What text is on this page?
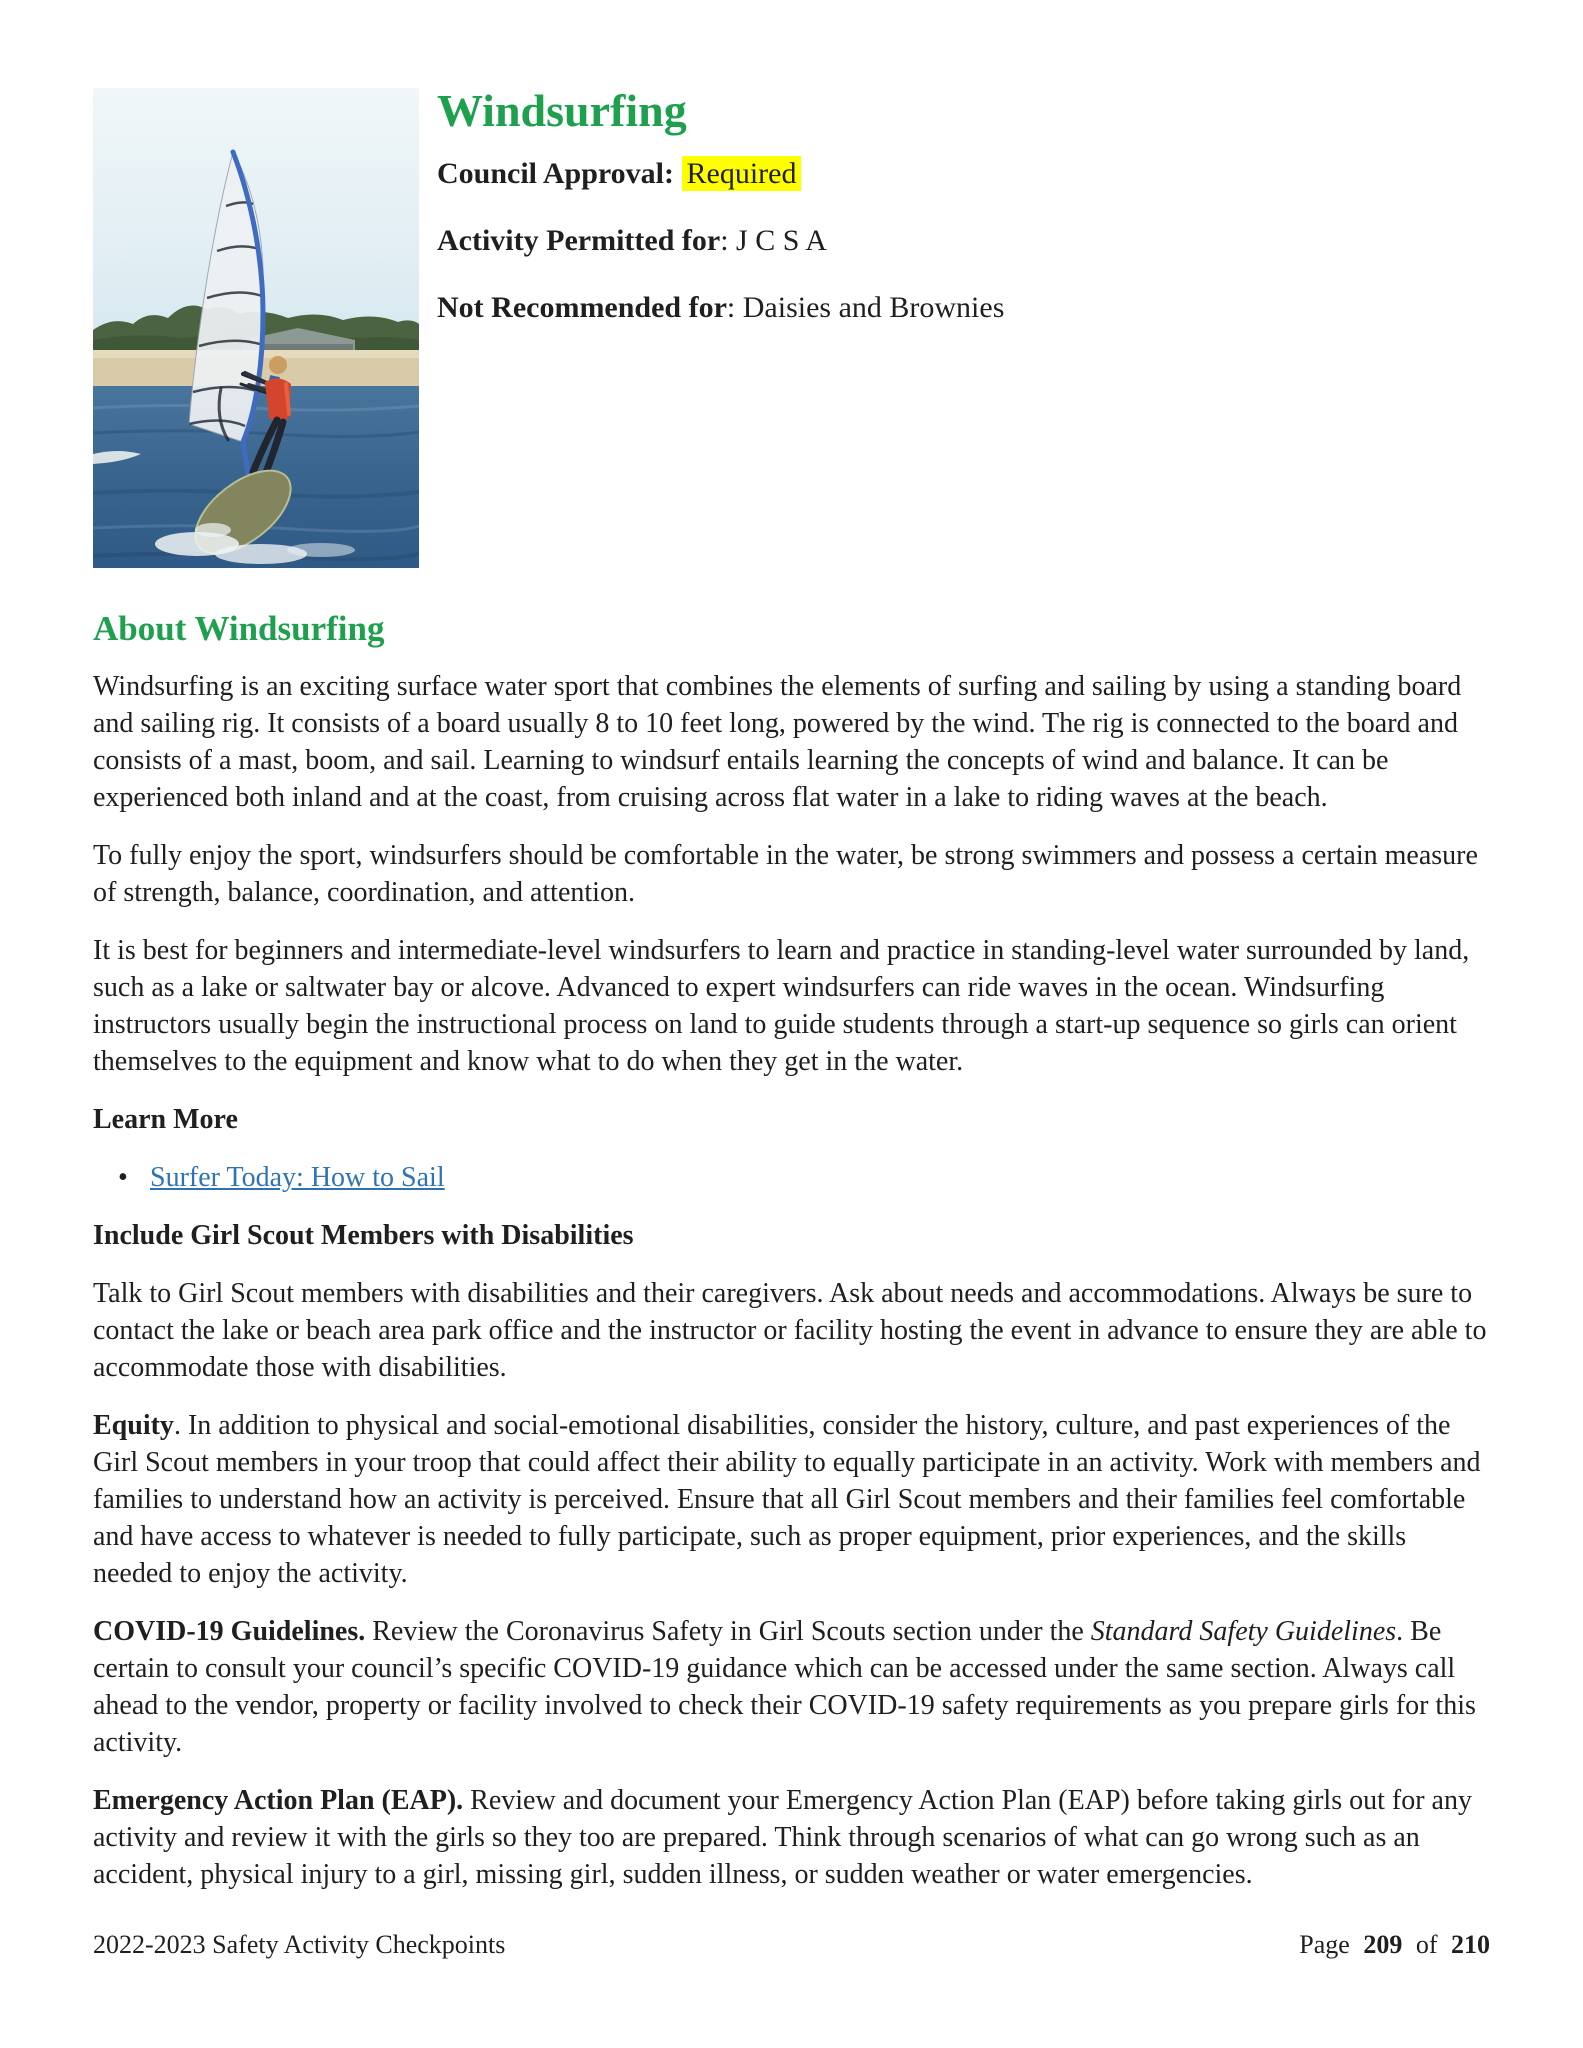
Windsurfing
Council Approval: Required
Activity Permitted for: J C S A
Not Recommended for: Daisies and Brownies
About Windsurfing

Windsurfing is an exciting surface water sport that combines the elements of surfing and sailing by using a standing board and sailing rig. It consists of a board usually 8 to 10 feet long, powered by the wind. The rig is connected to the board and consists of a mast, boom, and sail. Learning to windsurf entails learning the concepts of wind and balance. It can be experienced both inland and at the coast, from cruising across flat water in a lake to riding waves at the beach.

To fully enjoy the sport, windsurfers should be comfortable in the water, be strong swimmers and possess a certain measure of strength, balance, coordination, and attention.

It is best for beginners and intermediate-level windsurfers to learn and practice in standing-level water surrounded by land, such as a lake or saltwater bay or alcove. Advanced to expert windsurfers can ride waves in the ocean. Windsurfing instructors usually begin the instructional process on land to guide students through a start-up sequence so girls can orient themselves to the equipment and know what to do when they get in the water.

Learn More
• Surfer Today: How to Sail
Include Girl Scout Members with Disabilities

Talk to Girl Scout members with disabilities and their caregivers. Ask about needs and accommodations. Always be sure to contact the lake or beach area park office and the instructor or facility hosting the event in advance to ensure they are able to accommodate those with disabilities.

Equity. In addition to physical and social-emotional disabilities, consider the history, culture, and past experiences of the Girl Scout members in your troop that could affect their ability to equally participate in an activity. Work with members and families to understand how an activity is perceived. Ensure that all Girl Scout members and their families feel comfortable and have access to whatever is needed to fully participate, such as proper equipment, prior experiences, and the skills needed to enjoy the activity.

COVID-19 Guidelines. Review the Coronavirus Safety in Girl Scouts section under the Standard Safety Guidelines. Be certain to consult your council’s specific COVID-19 guidance which can be accessed under the same section. Always call ahead to the vendor, property or facility involved to check their COVID-19 safety requirements as you prepare girls for this activity.

Emergency Action Plan (EAP). Review and document your Emergency Action Plan (EAP) before taking girls out for any activity and review it with the girls so they too are prepared. Think through scenarios of what can go wrong such as an accident, physical injury to a girl, missing girl, sudden illness, or sudden weather or water emergencies.

2022-2023 Safety Activity Checkpoints	Page 209 of 210
